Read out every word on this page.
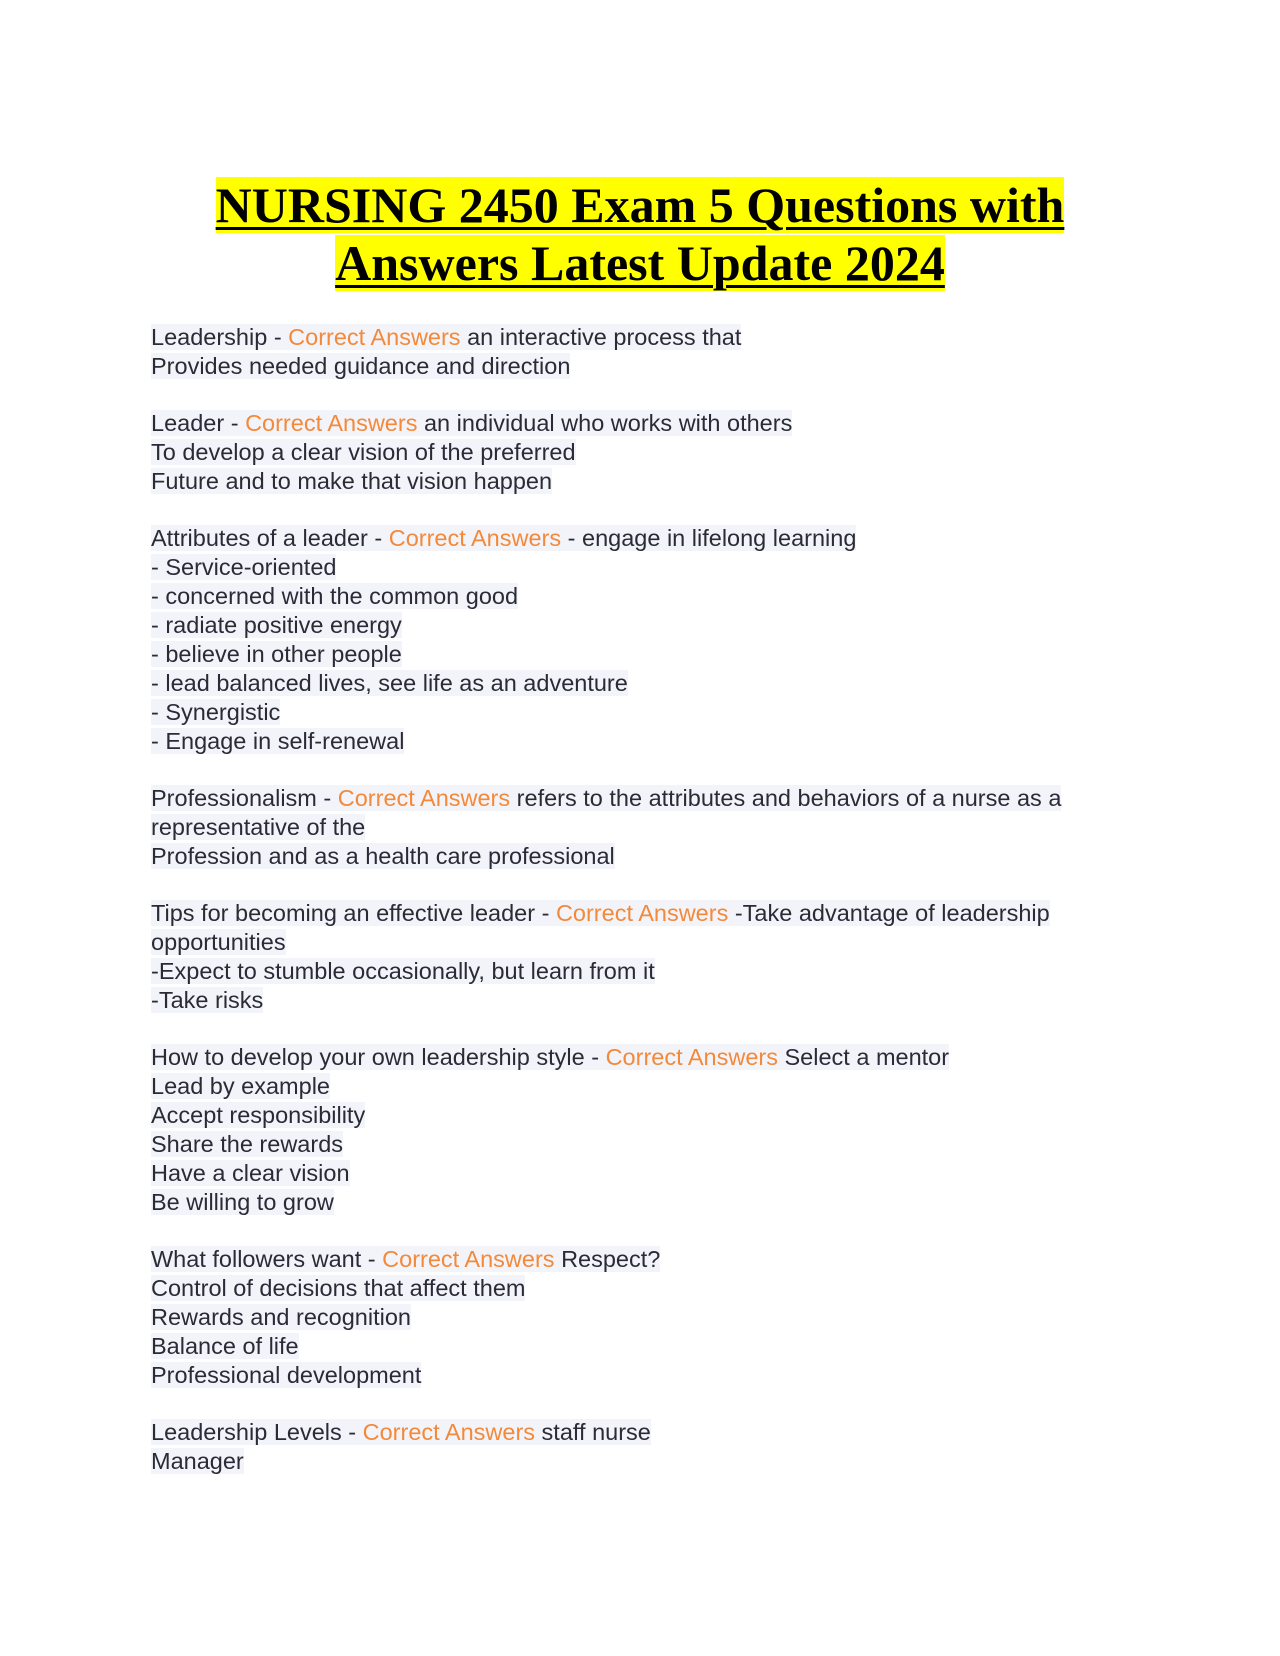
NURSING 2450 Exam 5 Questions with
Answers Latest Update 2024
Leadership - Correct Answers an interactive process that
Provides needed guidance and direction
Leader - Correct Answers an individual who works with others
To develop a clear vision of the preferred
Future and to make that vision happen
Attributes of a leader - Correct Answers - engage in lifelong learning
- Service-oriented
- concerned with the common good
- radiate positive energy
- believe in other people
- lead balanced lives, see life as an adventure
- Synergistic
- Engage in self-renewal
Professionalism - Correct Answers refers to the attributes and behaviors of a nurse as a
representative of the
Profession and as a health care professional
Tips for becoming an effective leader - Correct Answers -Take advantage of leadership
opportunities
-Expect to stumble occasionally, but learn from it
-Take risks
How to develop your own leadership style - Correct Answers Select a mentor
Lead by example
Accept responsibility
Share the rewards
Have a clear vision
Be willing to grow
What followers want - Correct Answers Respect?
Control of decisions that affect them
Rewards and recognition
Balance of life
Professional development
Leadership Levels - Correct Answers staff nurse
Manager
